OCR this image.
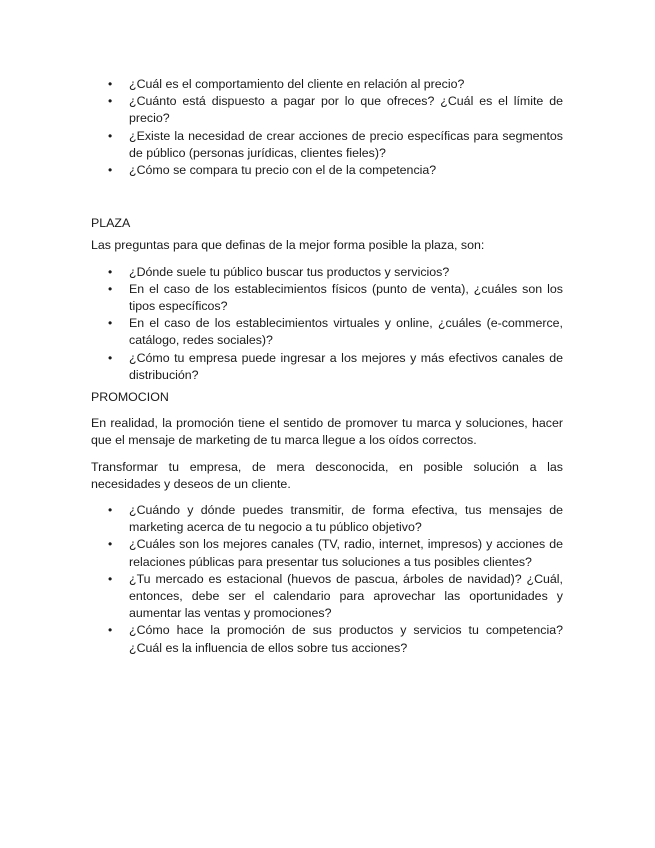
• ¿Cuál es el comportamiento del cliente en relación al precio?
• ¿Cuánto está dispuesto a pagar por lo que ofreces? ¿Cuál es el límite de precio?
• ¿Existe la necesidad de crear acciones de precio específicas para segmentos de público (personas jurídicas, clientes fieles)?
• ¿Cómo se compara tu precio con el de la competencia?
PLAZA

Las preguntas para que definas de la mejor forma posible la plaza, son:

• ¿Dónde suele tu público buscar tus productos y servicios?
• En el caso de los establecimientos físicos (punto de venta), ¿cuáles son los tipos específicos?
• En el caso de los establecimientos virtuales y online, ¿cuáles (e-commerce, catálogo, redes sociales)?
• ¿Cómo tu empresa puede ingresar a los mejores y más efectivos canales de distribución?
PROMOCION

En realidad, la promoción tiene el sentido de promover tu marca y soluciones, hacer que el mensaje de marketing de tu marca llegue a los oídos correctos.

Transformar tu empresa, de mera desconocida, en posible solución a las necesidades y deseos de un cliente.

• ¿Cuándo y dónde puedes transmitir, de forma efectiva, tus mensajes de marketing acerca de tu negocio a tu público objetivo?
• ¿Cuáles son los mejores canales (TV, radio, internet, impresos) y acciones de relaciones públicas para presentar tus soluciones a tus posibles clientes?
• ¿Tu mercado es estacional (huevos de pascua, árboles de navidad)? ¿Cuál, entonces, debe ser el calendario para aprovechar las oportunidades y aumentar las ventas y promociones?
• ¿Cómo hace la promoción de sus productos y servicios tu competencia? ¿Cuál es la influencia de ellos sobre tus acciones?
